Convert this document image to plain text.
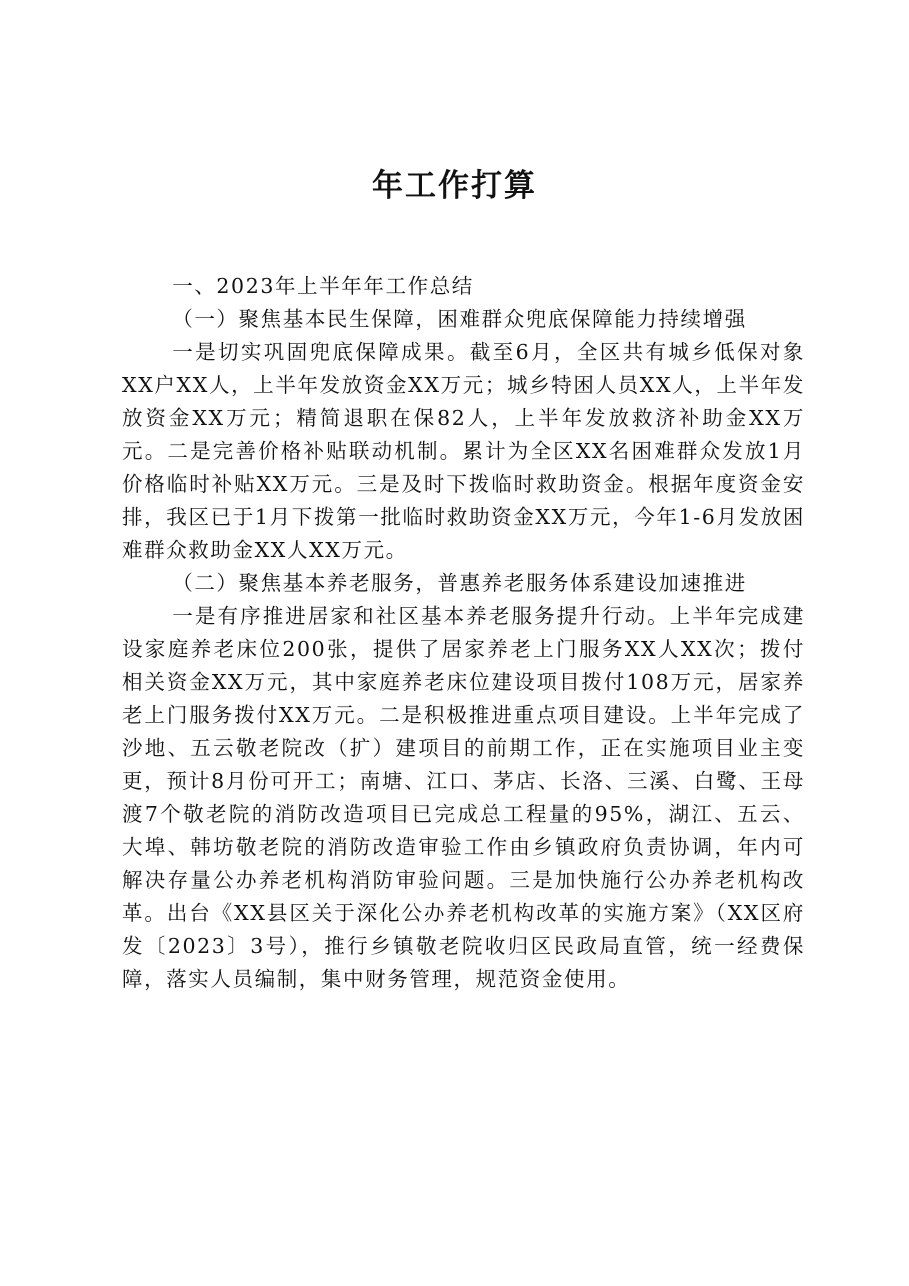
年工作打算

一、2023年上半年年工作总结

（一）聚焦基本民生保障，困难群众兜底保障能力持续增强

一是切实巩固兜底保障成果。截至6月，全区共有城乡低保对象XX户XX人，上半年发放资金XX万元；城乡特困人员XX人，上半年发放资金XX万元；精简退职在保82人，上半年发放救济补助金XX万元。二是完善价格补贴联动机制。累计为全区XX名困难群众发放1月价格临时补贴XX万元。三是及时下拨临时救助资金。根据年度资金安排，我区已于1月下拨第一批临时救助资金XX万元，今年1-6月发放困难群众救助金XX人XX万元。

（二）聚焦基本养老服务，普惠养老服务体系建设加速推进

一是有序推进居家和社区基本养老服务提升行动。上半年完成建设家庭养老床位200张，提供了居家养老上门服务XX人XX次；拨付相关资金XX万元，其中家庭养老床位建设项目拨付108万元，居家养老上门服务拨付XX万元。二是积极推进重点项目建设。上半年完成了沙地、五云敬老院改（扩）建项目的前期工作，正在实施项目业主变更，预计8月份可开工；南塘、江口、茅店、长洛、三溪、白鹭、王母渡7个敬老院的消防改造项目已完成总工程量的95%，湖江、五云、大埠、韩坊敬老院的消防改造审验工作由乡镇政府负责协调，年内可解决存量公办养老机构消防审验问题。三是加快施行公办养老机构改革。出台《XX县区关于深化公办养老机构改革的实施方案》（XX区府发〔2023〕3号），推行乡镇敬老院收归区民政局直管，统一经费保障，落实人员编制，集中财务管理，规范资金使用。
